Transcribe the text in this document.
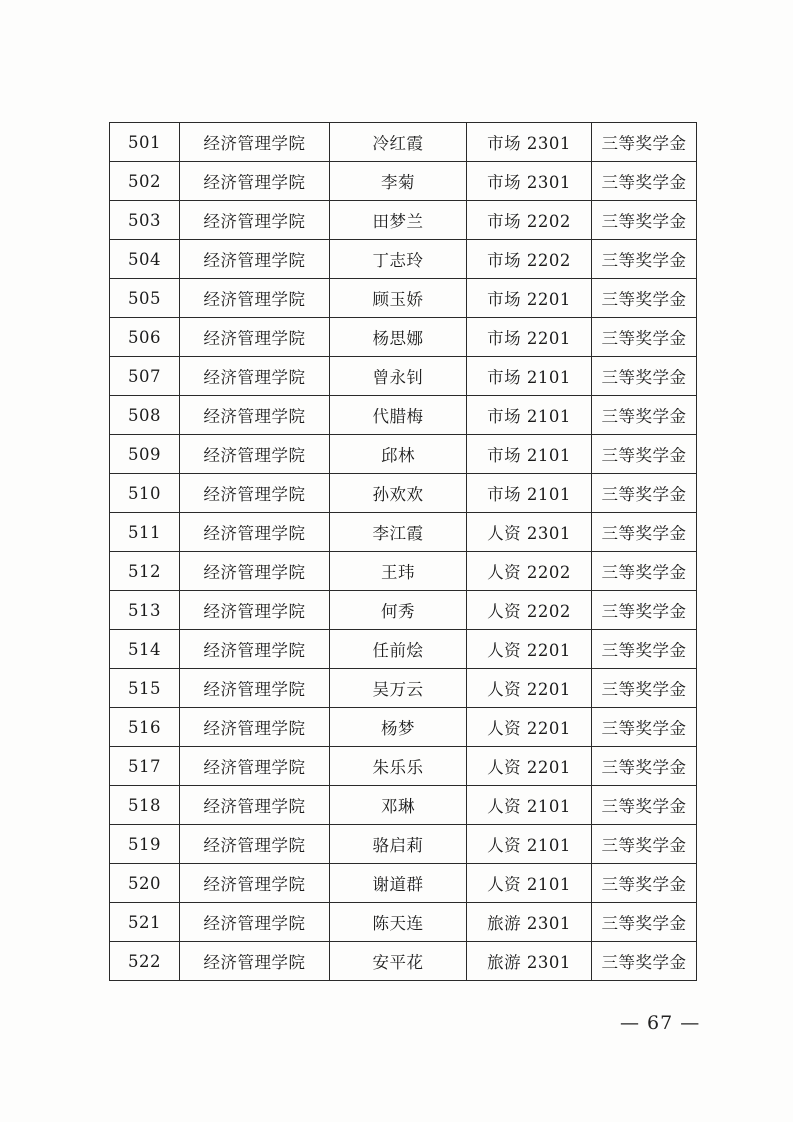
501	经济管理学院	冷红霞	市场 2301	三等奖学金
502	经济管理学院	李菊	市场 2301	三等奖学金
503	经济管理学院	田梦兰	市场 2202	三等奖学金
504	经济管理学院	丁志玲	市场 2202	三等奖学金
505	经济管理学院	顾玉娇	市场 2201	三等奖学金
506	经济管理学院	杨思娜	市场 2201	三等奖学金
507	经济管理学院	曾永钊	市场 2101	三等奖学金
508	经济管理学院	代腊梅	市场 2101	三等奖学金
509	经济管理学院	邱林	市场 2101	三等奖学金
510	经济管理学院	孙欢欢	市场 2101	三等奖学金
511	经济管理学院	李江霞	人资 2301	三等奖学金
512	经济管理学院	王玮	人资 2202	三等奖学金
513	经济管理学院	何秀	人资 2202	三等奖学金
514	经济管理学院	任前烩	人资 2201	三等奖学金
515	经济管理学院	吴万云	人资 2201	三等奖学金
516	经济管理学院	杨梦	人资 2201	三等奖学金
517	经济管理学院	朱乐乐	人资 2201	三等奖学金
518	经济管理学院	邓琳	人资 2101	三等奖学金
519	经济管理学院	骆启莉	人资 2101	三等奖学金
520	经济管理学院	谢道群	人资 2101	三等奖学金
521	经济管理学院	陈天连	旅游 2301	三等奖学金
522	经济管理学院	安平花	旅游 2301	三等奖学金
— 67 —
